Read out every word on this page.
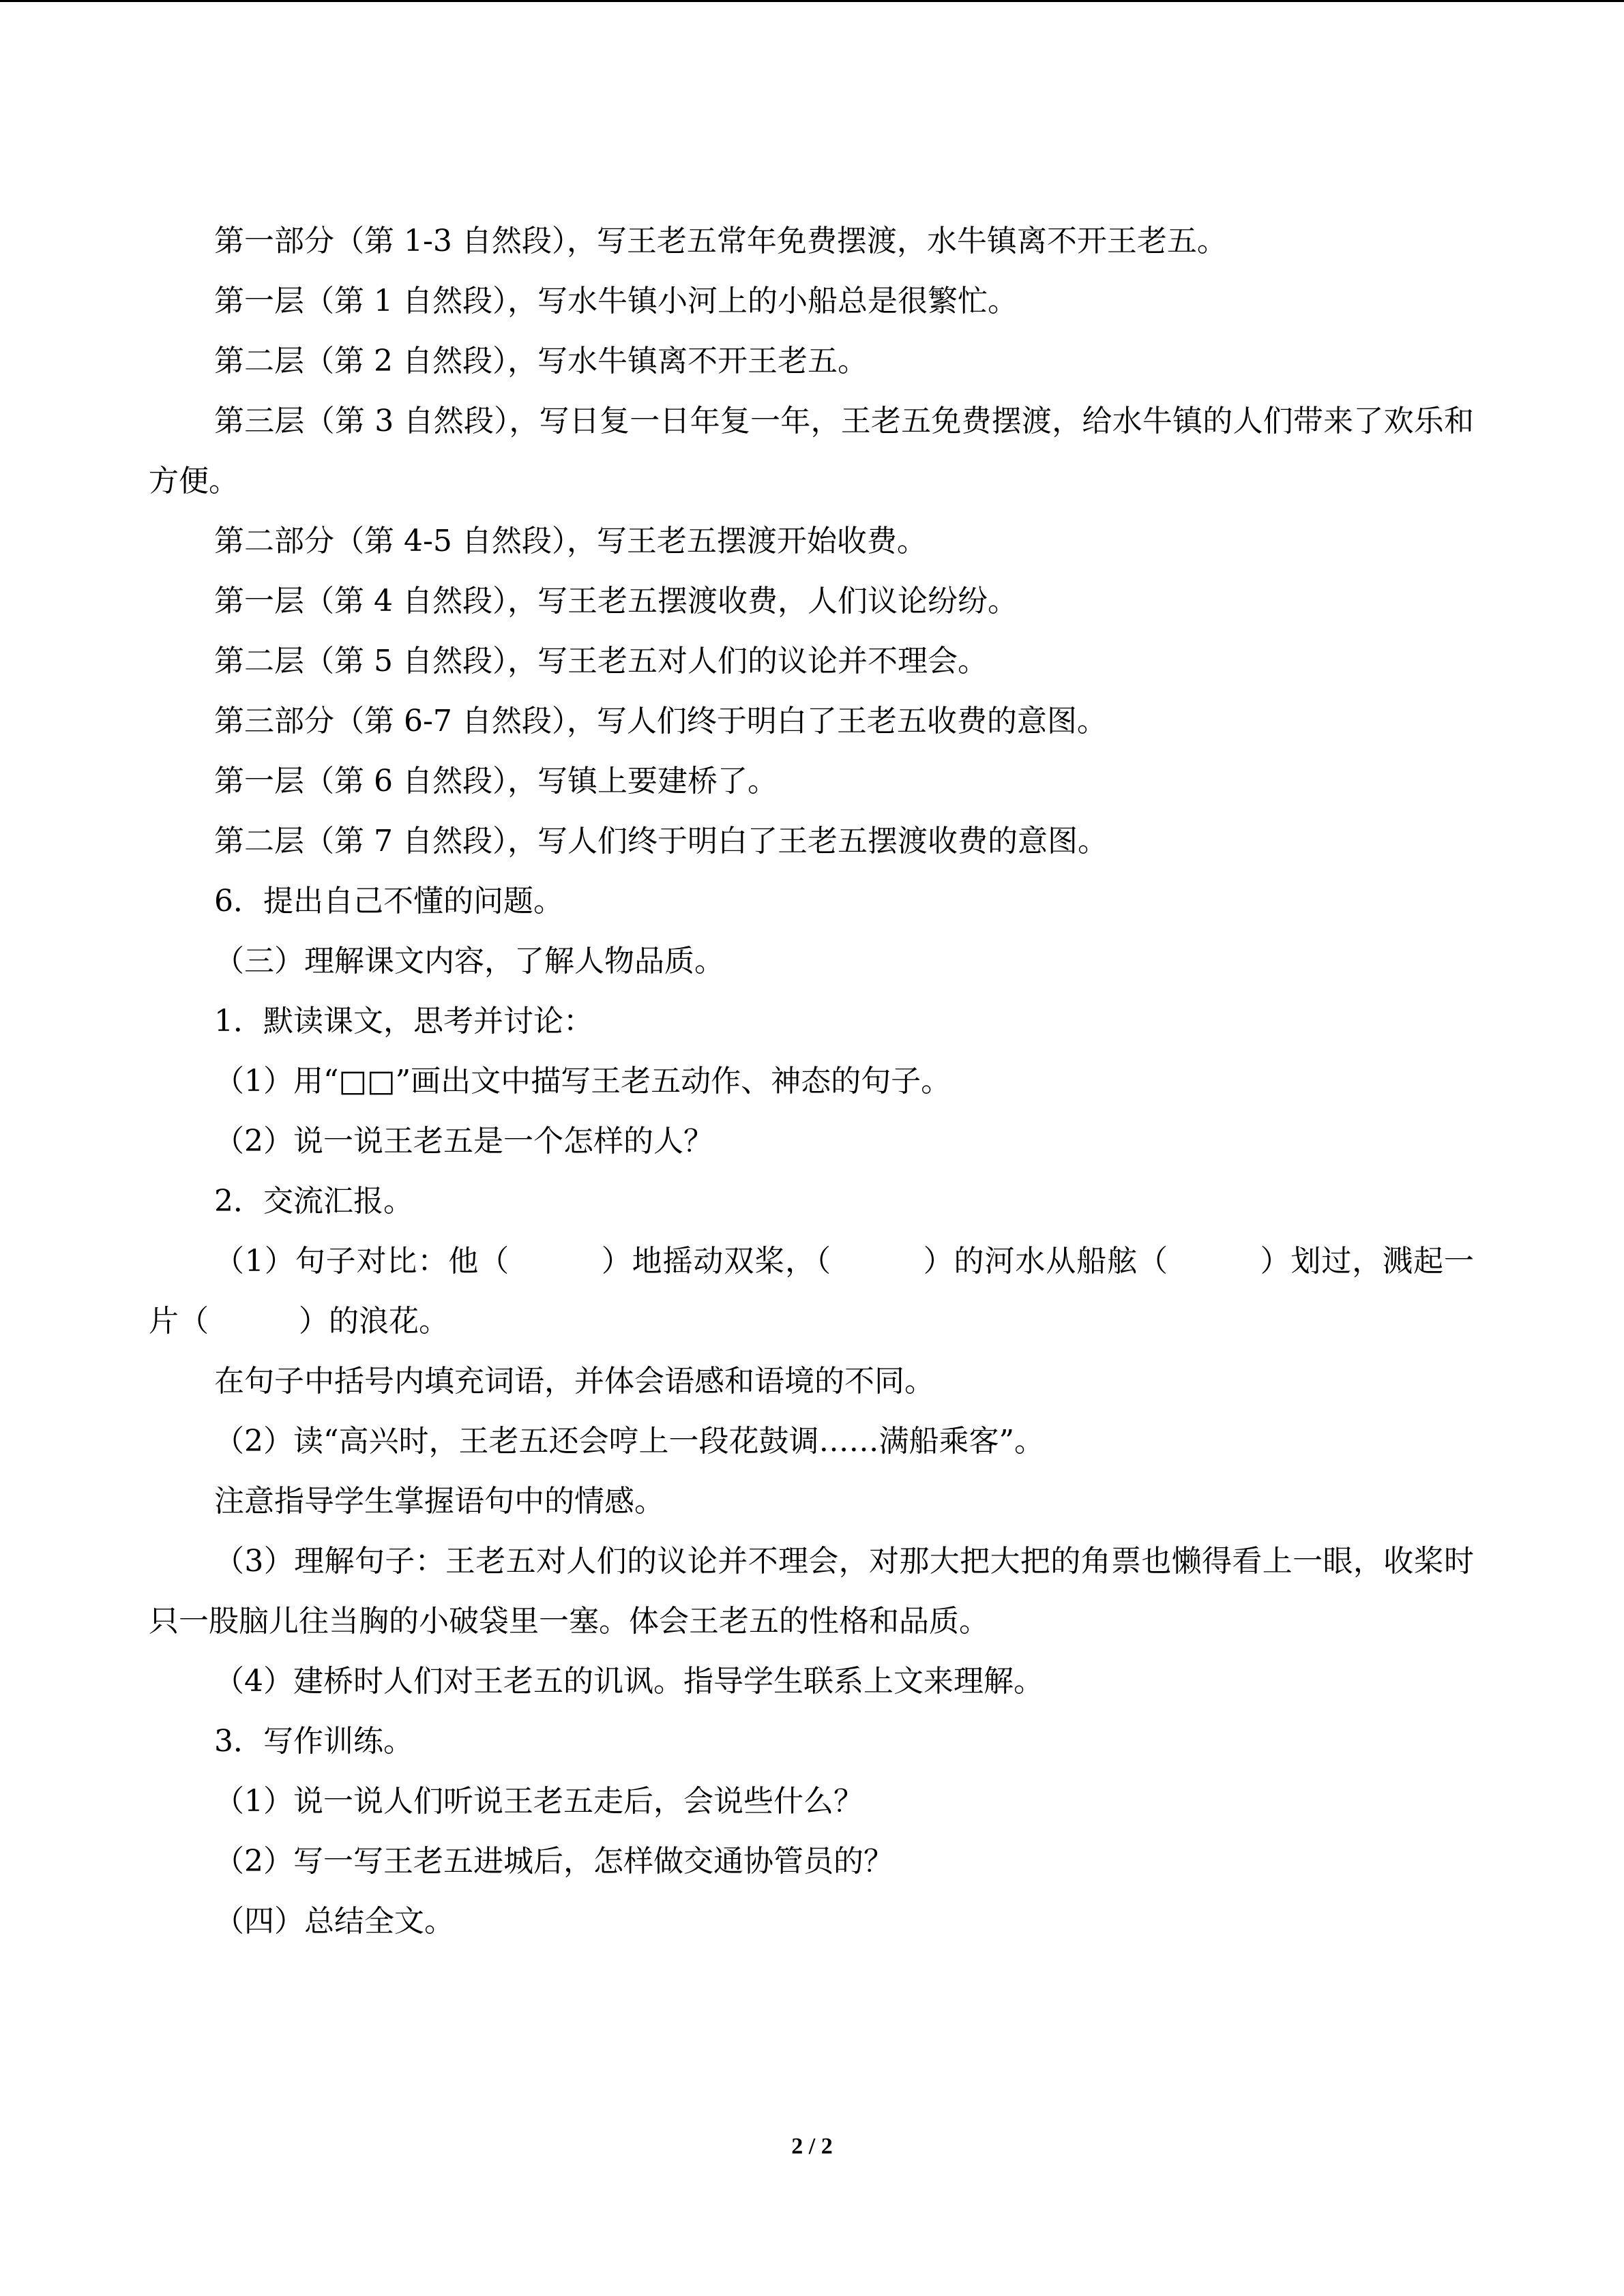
第一部分（第 1-3 自然段），写王老五常年免费摆渡，水牛镇离不开王老五。

第一层（第 1 自然段），写水牛镇小河上的小船总是很繁忙。

第二层（第 2 自然段），写水牛镇离不开王老五。

第三层（第 3 自然段），写日复一日年复一年，王老五免费摆渡，给水牛镇的人们带来了欢乐和方便。

第二部分（第 4-5 自然段），写王老五摆渡开始收费。

第一层（第 4 自然段），写王老五摆渡收费，人们议论纷纷。

第二层（第 5 自然段），写王老五对人们的议论并不理会。

第三部分（第 6-7 自然段），写人们终于明白了王老五收费的意图。

第一层（第 6 自然段），写镇上要建桥了。

第二层（第 7 自然段），写人们终于明白了王老五摆渡收费的意图。

6．提出自己不懂的问题。

（三）理解课文内容，了解人物品质。

1．默读课文，思考并讨论：

（1）用“□□”画出文中描写王老五动作、神态的句子。

（2）说一说王老五是一个怎样的人？

2．交流汇报。

（1）句子对比：他（　　　）地摇动双桨，（　　　）的河水从船舷（　　　）划过，溅起一片（　　　）的浪花。

在句子中括号内填充词语，并体会语感和语境的不同。

（2）读“高兴时，王老五还会哼上一段花鼓调……满船乘客”。

注意指导学生掌握语句中的情感。

（3）理解句子：王老五对人们的议论并不理会，对那大把大把的角票也懒得看上一眼，收桨时只一股脑儿往当胸的小破袋里一塞。体会王老五的性格和品质。

（4）建桥时人们对王老五的讥讽。指导学生联系上文来理解。

3．写作训练。

（1）说一说人们听说王老五走后，会说些什么？

（2）写一写王老五进城后，怎样做交通协管员的？

（四）总结全文。

2 / 2
